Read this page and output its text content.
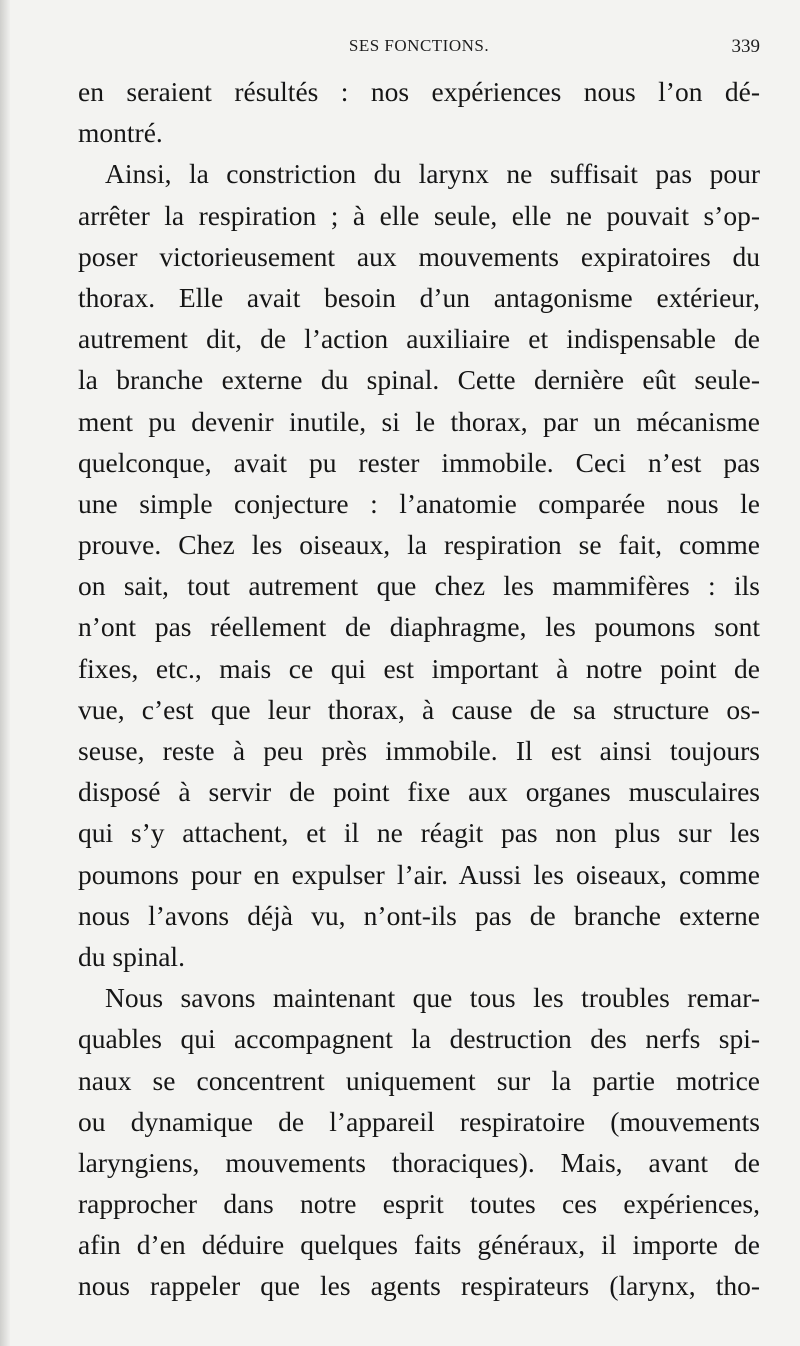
SES FONCTIONS.	339
en seraient résultés : nos expériences nous l’on dé-
montré.
Ainsi, la constriction du larynx ne suffisait pas pour
arrêter la respiration ; à elle seule, elle ne pouvait s’op-
poser victorieusement aux mouvements expiratoires du
thorax. Elle avait besoin d’un antagonisme extérieur,
autrement dit, de l’action auxiliaire et indispensable de
la branche externe du spinal. Cette dernière eût seule-
ment pu devenir inutile, si le thorax, par un mécanisme
quelconque, avait pu rester immobile. Ceci n’est pas
une simple conjecture : l’anatomie comparée nous le
prouve. Chez les oiseaux, la respiration se fait, comme
on sait, tout autrement que chez les mammifères : ils
n’ont pas réellement de diaphragme, les poumons sont
fixes, etc., mais ce qui est important à notre point de
vue, c’est que leur thorax, à cause de sa structure os-
seuse, reste à peu près immobile. Il est ainsi toujours
disposé à servir de point fixe aux organes musculaires
qui s’y attachent, et il ne réagit pas non plus sur les
poumons pour en expulser l’air. Aussi les oiseaux, comme
nous l’avons déjà vu, n’ont-ils pas de branche externe
du spinal.
Nous savons maintenant que tous les troubles remar-
quables qui accompagnent la destruction des nerfs spi-
naux se concentrent uniquement sur la partie motrice
ou dynamique de l’appareil respiratoire (mouvements
laryngiens, mouvements thoraciques). Mais, avant de
rapprocher dans notre esprit toutes ces expériences,
afin d’en déduire quelques faits généraux, il importe de
nous rappeler que les agents respirateurs (larynx, tho-
